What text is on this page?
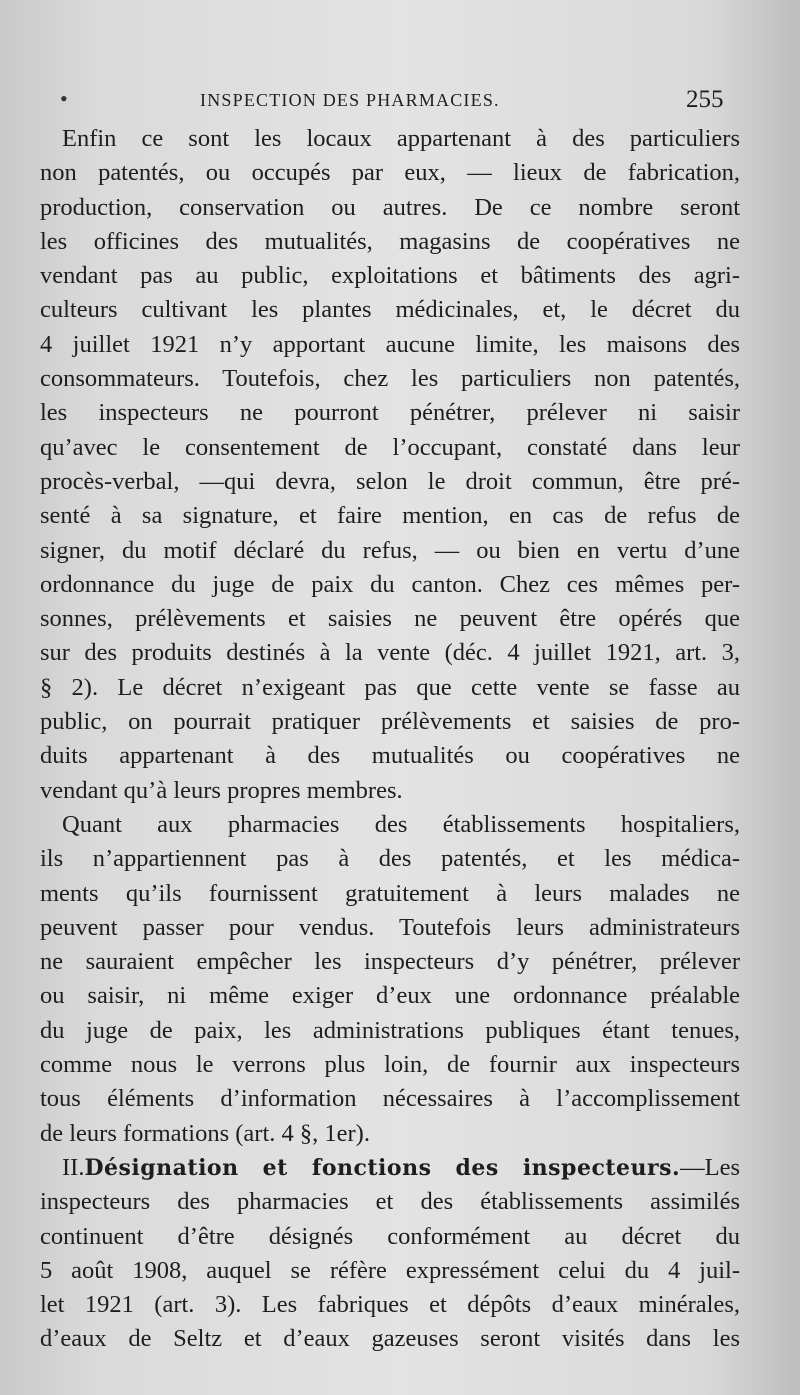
•	INSPECTION DES PHARMACIES.	255
Enfin ce sont les locaux appartenant à des particuliers
non patentés, ou occupés par eux, — lieux de fabrication,
production, conservation ou autres. De ce nombre seront
les officines des mutualités, magasins de coopératives ne
vendant pas au public, exploitations et bâtiments des agri-
culteurs cultivant les plantes médicinales, et, le décret du
4 juillet 1921 n’y apportant aucune limite, les maisons des
consommateurs. Toutefois, chez les particuliers non patentés,
les inspecteurs ne pourront pénétrer, prélever ni saisir
qu’avec le consentement de l’occupant, constaté dans leur
procès-verbal, —qui devra, selon le droit commun, être pré-
senté à sa signature, et faire mention, en cas de refus de
signer, du motif déclaré du refus, — ou bien en vertu d’une
ordonnance du juge de paix du canton. Chez ces mêmes per-
sonnes, prélèvements et saisies ne peuvent être opérés que
sur des produits destinés à la vente (déc. 4 juillet 1921, art. 3,
§ 2). Le décret n’exigeant pas que cette vente se fasse au
public, on pourrait pratiquer prélèvements et saisies de pro-
duits appartenant à des mutualités ou coopératives ne
vendant qu’à leurs propres membres.
Quant aux pharmacies des établissements hospitaliers,
ils n’appartiennent pas à des patentés, et les médica-
ments qu’ils fournissent gratuitement à leurs malades ne
peuvent passer pour vendus. Toutefois leurs administrateurs
ne sauraient empêcher les inspecteurs d’y pénétrer, prélever
ou saisir, ni même exiger d’eux une ordonnance préalable
du juge de paix, les administrations publiques étant tenues,
comme nous le verrons plus loin, de fournir aux inspecteurs
tous éléments d’information nécessaires à l’accomplissement
de leurs formations (art. 4 §, 1er).
II.Désignation et fonctions des inspecteurs.—Les
inspecteurs des pharmacies et des établissements assimilés
continuent d’être désignés conformément au décret du
5 août 1908, auquel se réfère expressément celui du 4 juil-
let 1921 (art. 3). Les fabriques et dépôts d’eaux minérales,
d’eaux de Seltz et d’eaux gazeuses seront visités dans les
